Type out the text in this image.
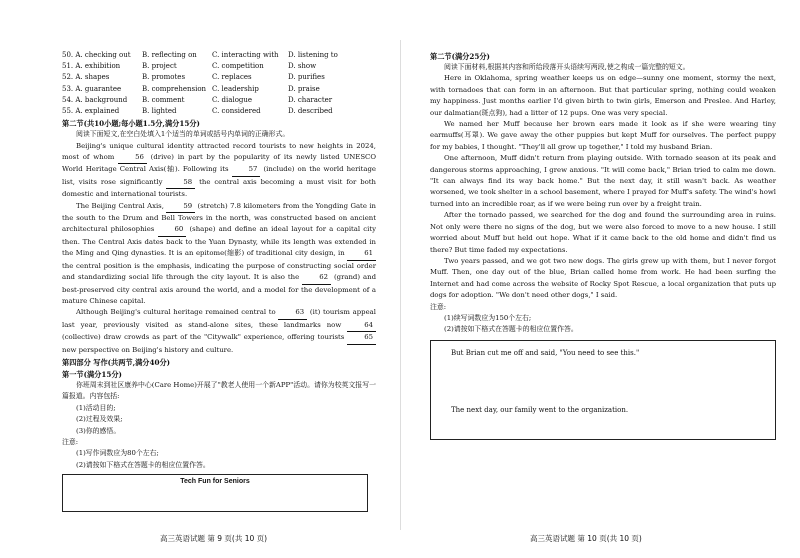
50. A. checking out	B. reflecting on	C. interacting with	D. listening to
51. A. exhibition	B. project	C. competition	D. show
52. A. shapes	B. promotes	C. replaces	D. purifies
53. A. guarantee	B. comprehension C. leadership	D. praise
54. A. background	B. comment	C. dialogue	D. character
55. A. explained	B. lighted	C. considered	D. described
第二节(共10小题;每小题1.5分,满分15分)

阅读下面短文,在空白处填入1个适当的单词或括号内单词的正确形式。

Beijing's unique cultural identity attracted record tourists to new heights in 2024, most of whom	56 (drive) in part by the popularity of its newly listed UNESCO World Heritage Central Axis(轴). Following its	57 (include) on the world heritage list, visits rose significantly	58 the central axis becoming a must visit for both domestic and international tourists.

The Beijing Central Axis,	59 (stretch) 7.8 kilometers from the Yongding Gate in the south to the Drum and Bell Towers in the north, was constructed based on ancient architectural philosophies	60 (shape) and define an ideal layout for a capital city then. The Central Axis dates back to the Yuan Dynasty, while its length was extended in the Ming and Qing dynasties. It is an epitome(缩影) of traditional city design, in	61 the central position is the emphasis, indicating the purpose of constructing social order and standardizing social life through the city layout. It is also the	62 (grand) and best-preserved city central axis around the world, and a model for the development of a mature Chinese capital.

Although Beijing's cultural heritage remained central to	63 (it) tourism appeal last year, previously visited as stand-alone sites, these landmarks now	64 (collective) draw crowds as part of the "Citywalk" experience, offering tourists	65 new perspective on Beijing's history and culture.

第四部分 写作(共两节,满分40分)
第一节(满分15分)

你班周末到社区康养中心(Care Home)开展了"教老人使用一个新APP"活动。请你为校英文报写一篇报道。内容包括:

(1)活动目的;
(2)过程及效果;
(3)你的感悟。
注意:
(1)写作词数应为80个左右;
(2)请按如下格式在答题卡的相应位置作答。
Tech Fun for Seniors
高三英语试题 第 9 页(共 10 页)
第二节(满分25分)

阅读下面材料,根据其内容和所给段落开头语续写两段,使之构成一篇完整的短文。

Here in Oklahoma, spring weather keeps us on edge—sunny one moment, stormy the next, with tornadoes that can form in an afternoon. But that particular spring, nothing could weaken my happiness. Just months earlier I'd given birth to twin girls, Emerson and Preslee. And Harley, our dalmatian(斑点狗), had a litter of 12 pups. One was very special.

We named her Muff because her brown ears made it look as if she were wearing tiny earmuffs(耳罩). We gave away the other puppies but kept Muff for ourselves. The perfect puppy for my babies, I thought. "They'll all grow up together," I told my husband Brian.

One afternoon, Muff didn't return from playing outside. With tornado season at its peak and dangerous storms approaching, I grew anxious. "It will come back," Brian tried to calm me down. "It can always find its way back home." But the next day, it still wasn't back. As weather worsened, we took shelter in a school basement, where I prayed for Muff's safety. The wind's howl turned into an incredible roar, as if we were being run over by a freight train.

After the tornado passed, we searched for the dog and found the surrounding area in ruins. Not only were there no signs of the dog, but we were also forced to move to a new house. I still worried about Muff but held out hope. What if it came back to the old home and didn't find us there? But time faded my expectations.

Two years passed, and we got two new dogs. The girls grew up with them, but I never forgot Muff. Then, one day out of the blue, Brian called home from work. He had been surfing the Internet and had come across the website of Rocky Spot Rescue, a local organization that puts up dogs for adoption. "We don't need other dogs," I said.

注意:
(1)续写词数应为150个左右;
(2)请按如下格式在答题卡的相应位置作答。
But Brian cut me off and said, "You need to see this."
The next day, our family went to the organization.
高三英语试题 第 10 页(共 10 页)
